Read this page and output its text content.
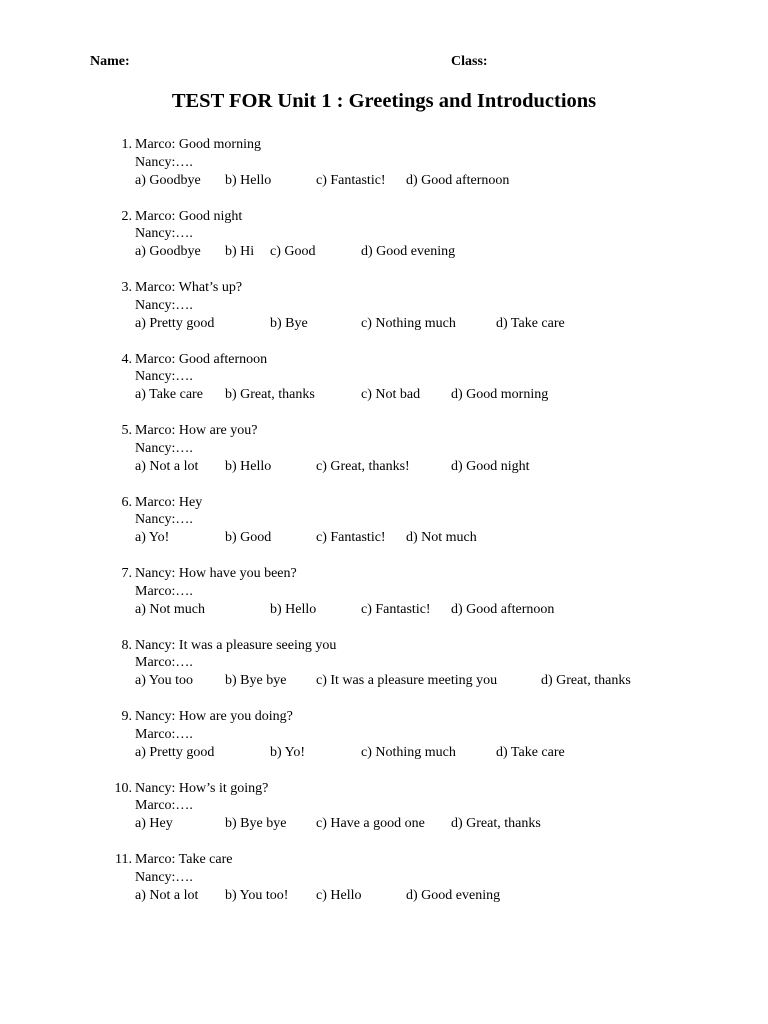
Name:	Class:
TEST FOR Unit 1 : Greetings and Introductions
1. Marco: Good morning
Nancy:….
a) Goodbye b) Hello	c) Fantastic! d) Good afternoon
2. Marco: Good night
Nancy:….
a) Goodbye b) Hi c) Good	d) Good evening
3. Marco: What’s up?
Nancy:….
a) Pretty good	b) Bye	c) Nothing much	d) Take care
4. Marco: Good afternoon
Nancy:….
a) Take care b) Great, thanks	c) Not bad d) Good morning
5. Marco: How are you?
Nancy:….
a) Not a lot b) Hello	c) Great, thanks!	d) Good night
6. Marco: Hey
Nancy:….
a) Yo!	b) Good	c) Fantastic! d) Not much
7. Nancy: How have you been?
Marco:….
a) Not much	b) Hello	c) Fantastic! d) Good afternoon
8. Nancy: It was a pleasure seeing you
Marco:….
a) You too b) Bye bye c) It was a pleasure meeting you	d) Great, thanks
9. Nancy: How are you doing?
Marco:….
a) Pretty good	b) Yo!	c) Nothing much	d) Take care
10. Nancy: How’s it going?
Marco:….
a) Hey	b) Bye bye c) Have a good one d) Great, thanks
11. Marco: Take care
Nancy:….
a) Not a lot b) You too! c) Hello	d) Good evening
